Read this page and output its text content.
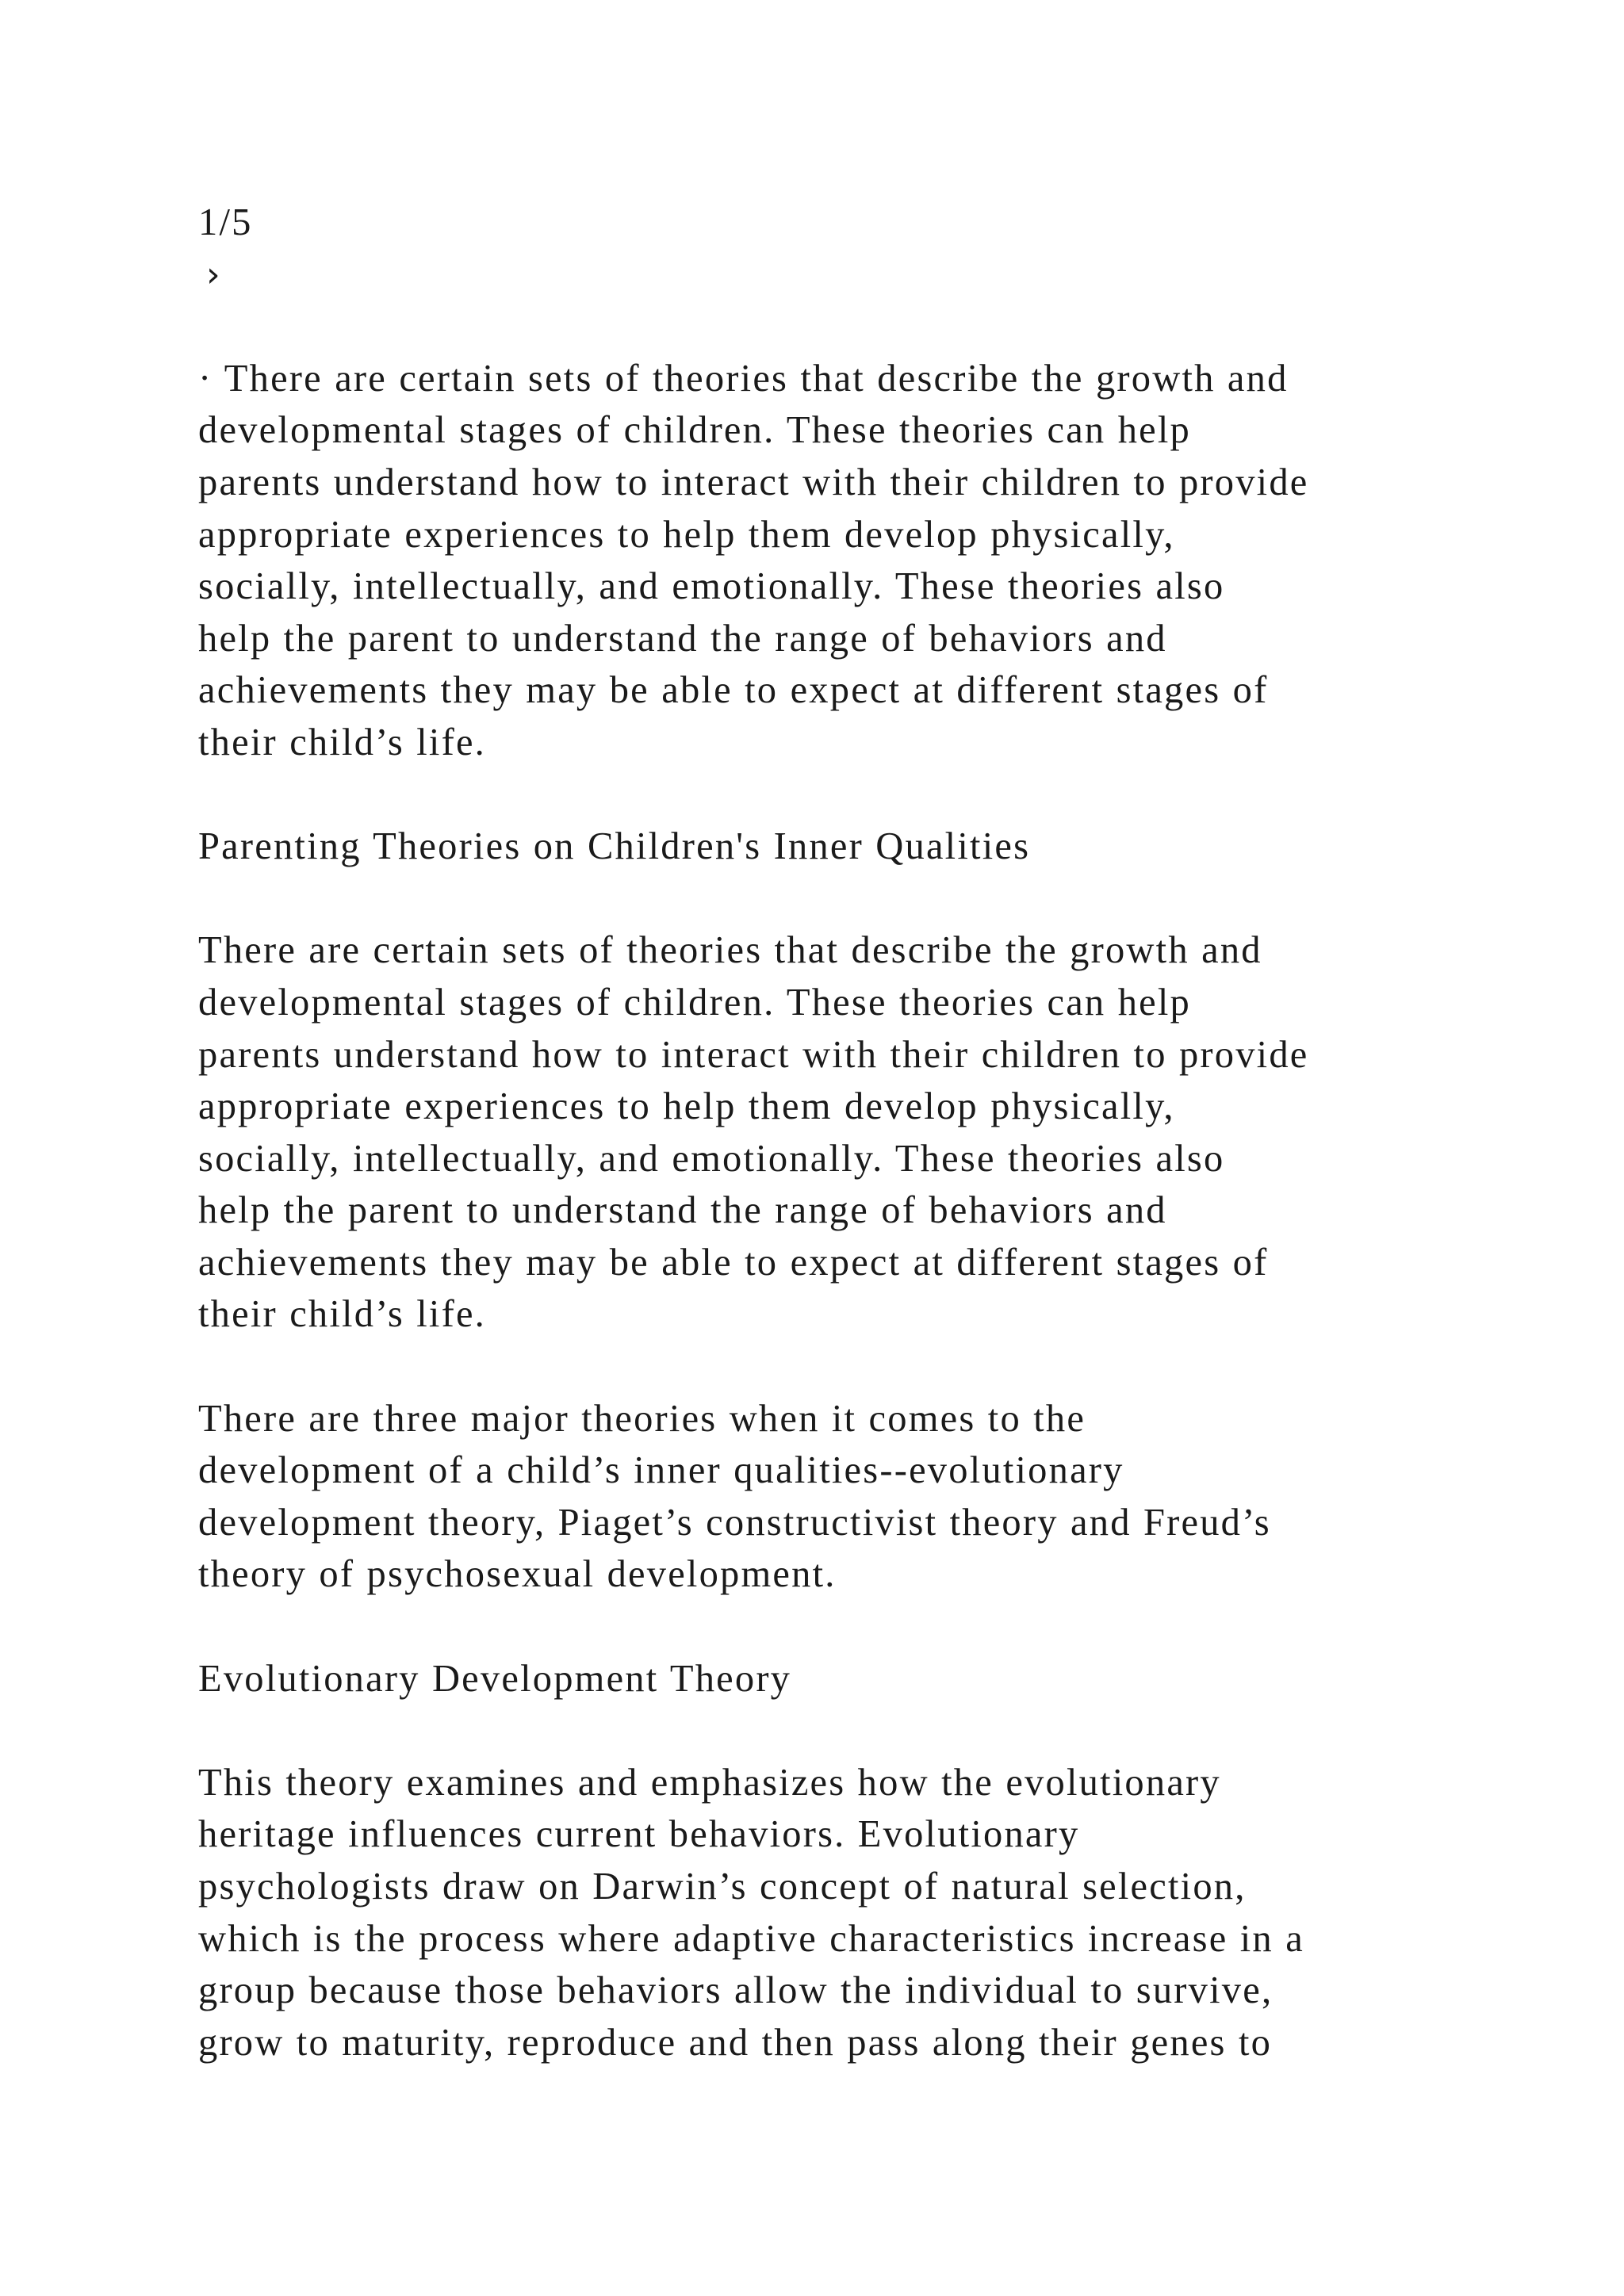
1/5
›
· There are certain sets of theories that describe the growth and
developmental stages of children. These theories can help
parents understand how to interact with their children to provide
appropriate experiences to help them develop physically,
socially, intellectually, and emotionally. These theories also
help the parent to understand the range of behaviors and
achievements they may be able to expect at different stages of
their child’s life.
Parenting Theories on Children's Inner Qualities
There are certain sets of theories that describe the growth and
developmental stages of children. These theories can help
parents understand how to interact with their children to provide
appropriate experiences to help them develop physically,
socially, intellectually, and emotionally. These theories also
help the parent to understand the range of behaviors and
achievements they may be able to expect at different stages of
their child’s life.
There are three major theories when it comes to the
development of a child’s inner qualities--evolutionary
development theory, Piaget’s constructivist theory and Freud’s
theory of psychosexual development.
Evolutionary Development Theory
This theory examines and emphasizes how the evolutionary
heritage influences current behaviors. Evolutionary
psychologists draw on Darwin’s concept of natural selection,
which is the process where adaptive characteristics increase in a
group because those behaviors allow the individual to survive,
grow to maturity, reproduce and then pass along their genes to
